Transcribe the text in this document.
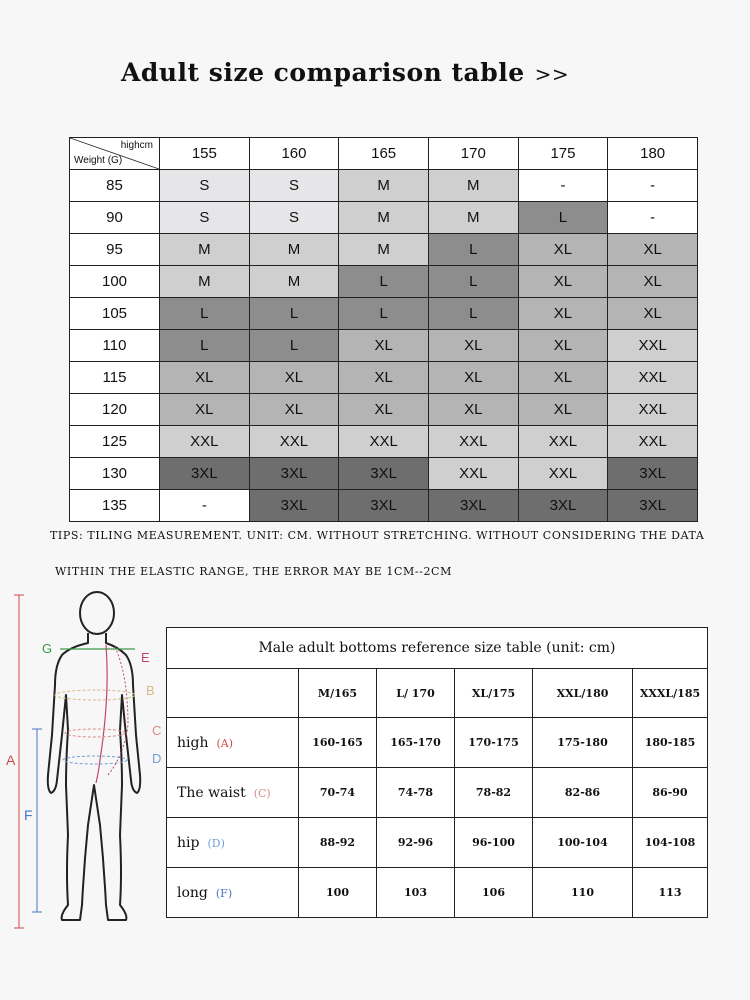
Adult size comparison table >>
highcm
Weight (G)	155	160	165	170	175	180
85	S	S	M	M	-	-
90	S	S	M	M	L	-
95	M	M	M	L	XL	XL
100	M	M	L	L	XL	XL
105	L	L	L	L	XL	XL
110	L	L	XL	XL	XL	XXL
115	XL	XL	XL	XL	XL	XXL
120	XL	XL	XL	XL	XL	XXL
125	XXL	XXL	XXL	XXL	XXL	XXL
130	3XL	3XL	3XL	XXL	XXL	3XL
135	-	3XL	3XL	3XL	3XL	3XL
TIPS: TILING MEASUREMENT. UNIT: CM. WITHOUT STRETCHING. WITHOUT CONSIDERING THE DATA
WITHIN THE ELASTIC RANGE, THE ERROR MAY BE 1CM--2CM
A
F
G
E
B
C
D
Male adult bottoms reference size table (unit: cm)					
	M/165	L/ 170	XL/175	XXL/180	XXXL/185
high (A)	160-165	165-170	170-175	175-180	180-185
The waist (C)	70-74	74-78	78-82	82-86	86-90
hip (D)	88-92	92-96	96-100	100-104	104-108
long (F)	100	103	106	110	113
